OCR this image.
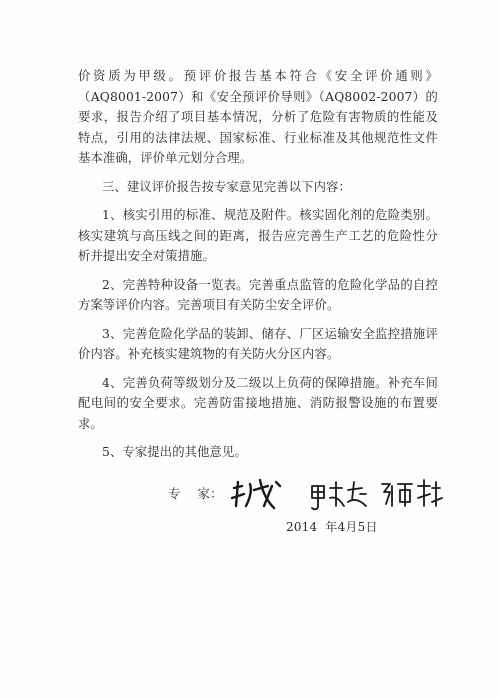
价资质为甲级。预评价报告基本符合《安全评价通则》（AQ8001-2007）和《安全预评价导则》（AQ8002-2007）的要求，报告介绍了项目基本情况，分析了危险有害物质的性能及特点，引用的法律法规、国家标准、行业标准及其他规范性文件基本准确，评价单元划分合理。

三、建议评价报告按专家意见完善以下内容：

1、核实引用的标准、规范及附件。核实固化剂的危险类别。核实建筑与高压线之间的距离，报告应完善生产工艺的危险性分析并提出安全对策措施。

2、完善特种设备一览表。完善重点监管的危险化学品的自控方案等评价内容。完善项目有关防尘安全评价。

3、完善危险化学品的装卸、储存、厂区运输安全监控措施评价内容。补充核实建筑物的有关防火分区内容。

4、完善负荷等级划分及二级以上负荷的保障措施。补充车间配电间的安全要求。完善防雷接地措施、消防报警设施的布置要求。

5、专家提出的其他意见。

专    家：
2014  年4月5日
